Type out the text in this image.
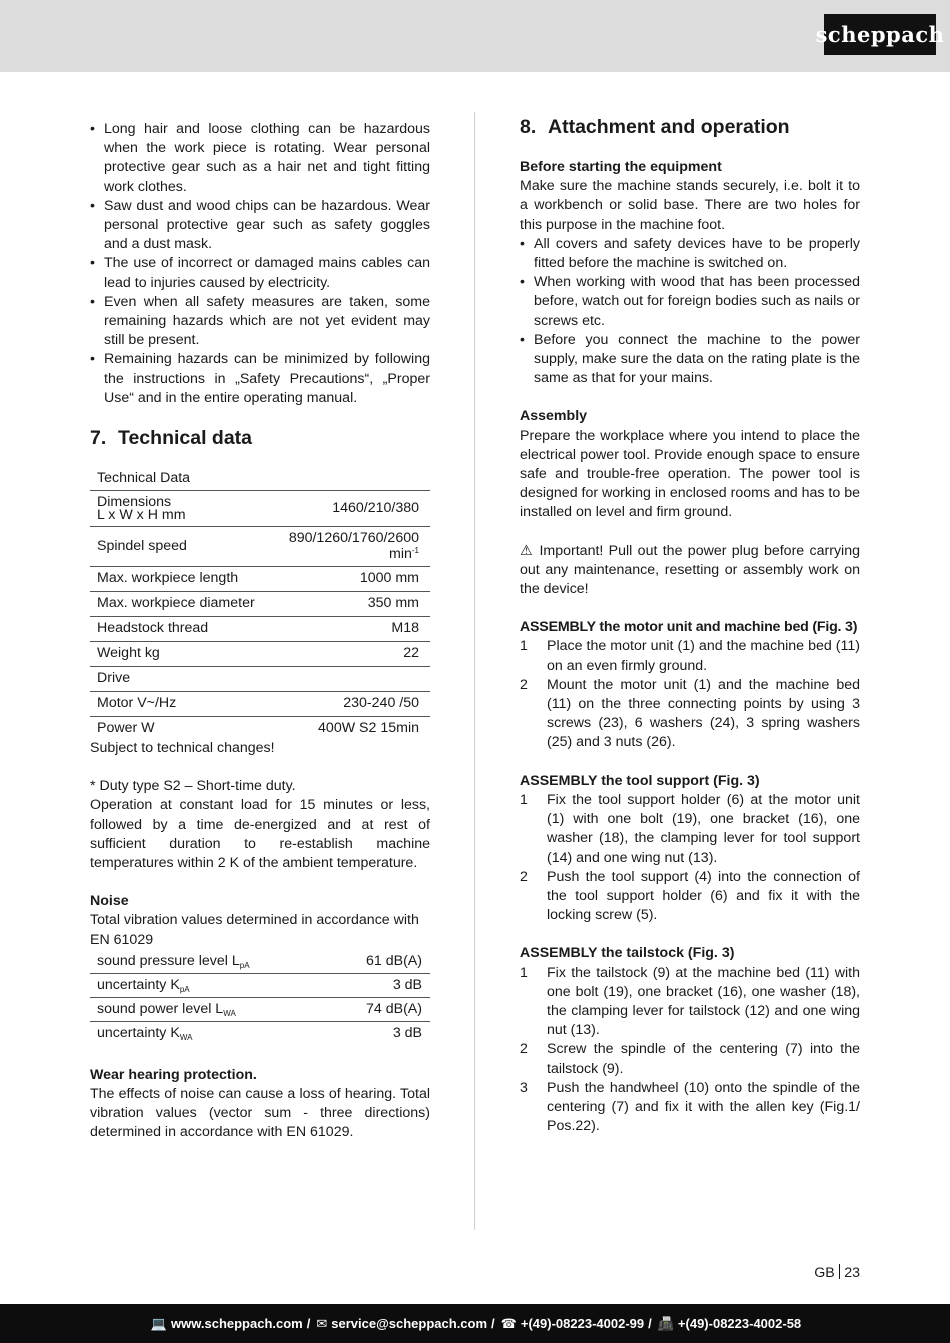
scheppach
• Long hair and loose clothing can be hazardous when the work piece is rotating. Wear personal protective gear such as a hair net and tight fitting work clothes.
• Saw dust and wood chips can be hazardous. Wear personal protective gear such as safety goggles and a dust mask.
• The use of incorrect or damaged mains cables can lead to injuries caused by electricity.
• Even when all safety measures are taken, some remaining hazards which are not yet evident may still be present.
• Remaining hazards can be minimized by following the instructions in „Safety Precautions“, „Proper Use“ and in the entire operating manual.
7. Technical data
Technical Data	

Dimensions
L x W x H mm	1460/210/380
Spindel speed	890/1260/1760/2600
$\min^{-1}$

Max. workpiece length	1000 mm
Max. workpiece diameter	350 mm
Headstock thread	M18
Weight kg	22
Drive	
Motor V~/Hz	230-240 /50
Power W	400W S2 15min

Subject to technical changes!

* Duty type S2 – Short-time duty.

Operation at constant load for 15 minutes or less, followed by a time de-energized and at rest of sufficient duration to re-establish machine temperatures within 2 K of the ambient temperature.

Noise

Total vibration values determined in accordance with EN 61029

sound pressure level $L_{pA}$	61 dB(A)
uncertainty $K_{pA}$	3 dB
sound power level $L_{WA}$	74 dB(A)
uncertainty $K_{WA}$	3 dB

Wear hearing protection.

The effects of noise can cause a loss of hearing. Total vibration values (vector sum - three directions) determined in accordance with EN 61029.

8. Attachment and operation

Before starting the equipment

Make sure the machine stands securely, i.e. bolt it to a workbench or solid base. There are two holes for this purpose in the machine foot.

• All covers and safety devices have to be properly fitted before the machine is switched on.
• When working with wood that has been processed before, watch out for foreign bodies such as nails or screws etc.
• Before you connect the machine to the power supply, make sure the data on the rating plate is the same as that for your mains.

Assembly

Prepare the workplace where you intend to place the electrical power tool. Provide enough space to ensure safe and trouble-free operation. The power tool is designed for working in enclosed rooms and has to be installed on level and firm ground.

⚠ Important! Pull out the power plug before carrying out any maintenance, resetting or assembly work on the device!

ASSEMBLY the motor unit and machine bed (Fig. 3)

1	Place the motor unit (1) and the machine bed (11) on an even firmly ground.
2	Mount the motor unit (1) and the machine bed (11) on the three connecting points by using 3 screws (23), 6 washers (24), 3 spring washers (25) and 3 nuts (26).

ASSEMBLY the tool support (Fig. 3)

1	Fix the tool support holder (6) at the motor unit (1) with one bolt (19), one bracket (16), one washer (18), the clamping lever for tool support (14) and one wing nut (13).
2	Push the tool support (4) into the connection of the tool support holder (6) and fix it with the locking screw (5).

ASSEMBLY the tailstock (Fig. 3)

1	Fix the tailstock (9) at the machine bed (11) with one bolt (19), one bracket (16), one washer (18), the clamping lever for tailstock (12) and one wing nut (13).
2	Screw the spindle of the centering (7) into the tailstock (9).
3	Push the handwheel (10) onto the spindle of the centering (7) and fix it with the allen key (Fig.1/ Pos.22).
GB 23
💻 www.scheppach.com / ✉ service@scheppach.com / ☎ +(49)-08223-4002-99 / 📠 +(49)-08223-4002-58
